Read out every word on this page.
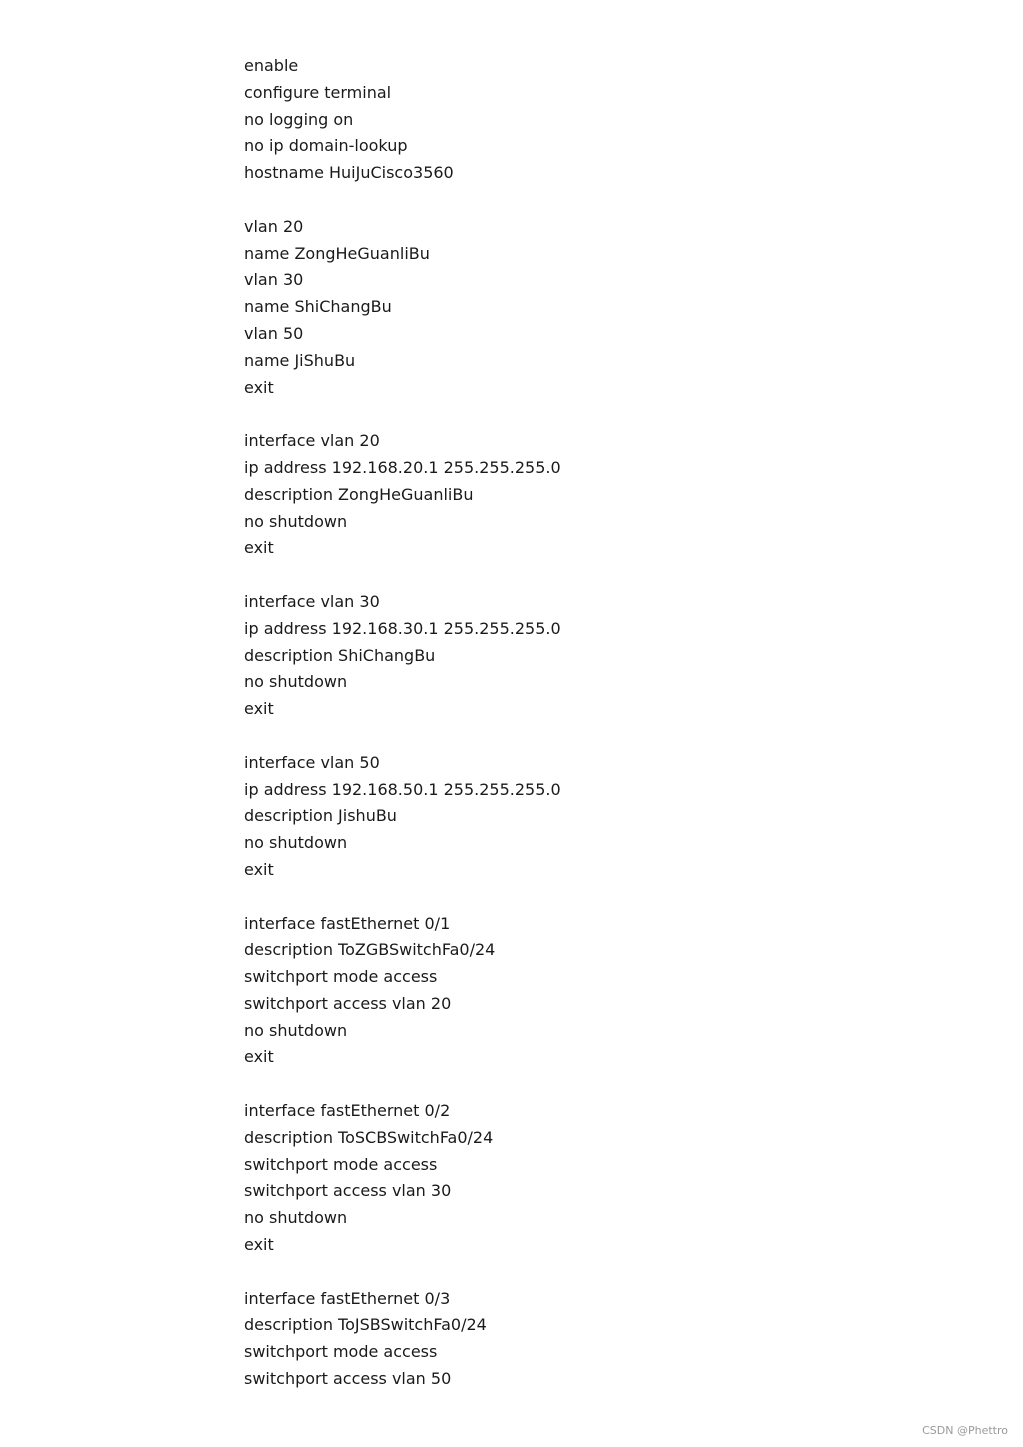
enable
configure terminal
no logging on
no ip domain-lookup
hostname HuiJuCisco3560
vlan 20
name ZongHeGuanliBu
vlan 30
name ShiChangBu
vlan 50
name JiShuBu
exit
interface vlan 20
ip address 192.168.20.1 255.255.255.0
description ZongHeGuanliBu
no shutdown
exit
interface vlan 30
ip address 192.168.30.1 255.255.255.0
description ShiChangBu
no shutdown
exit
interface vlan 50
ip address 192.168.50.1 255.255.255.0
description JishuBu
no shutdown
exit
interface fastEthernet 0/1
description ToZGBSwitchFa0/24
switchport mode access
switchport access vlan 20
no shutdown
exit
interface fastEthernet 0/2
description ToSCBSwitchFa0/24
switchport mode access
switchport access vlan 30
no shutdown
exit
interface fastEthernet 0/3
description ToJSBSwitchFa0/24
switchport mode access
switchport access vlan 50
CSDN @Phettro
